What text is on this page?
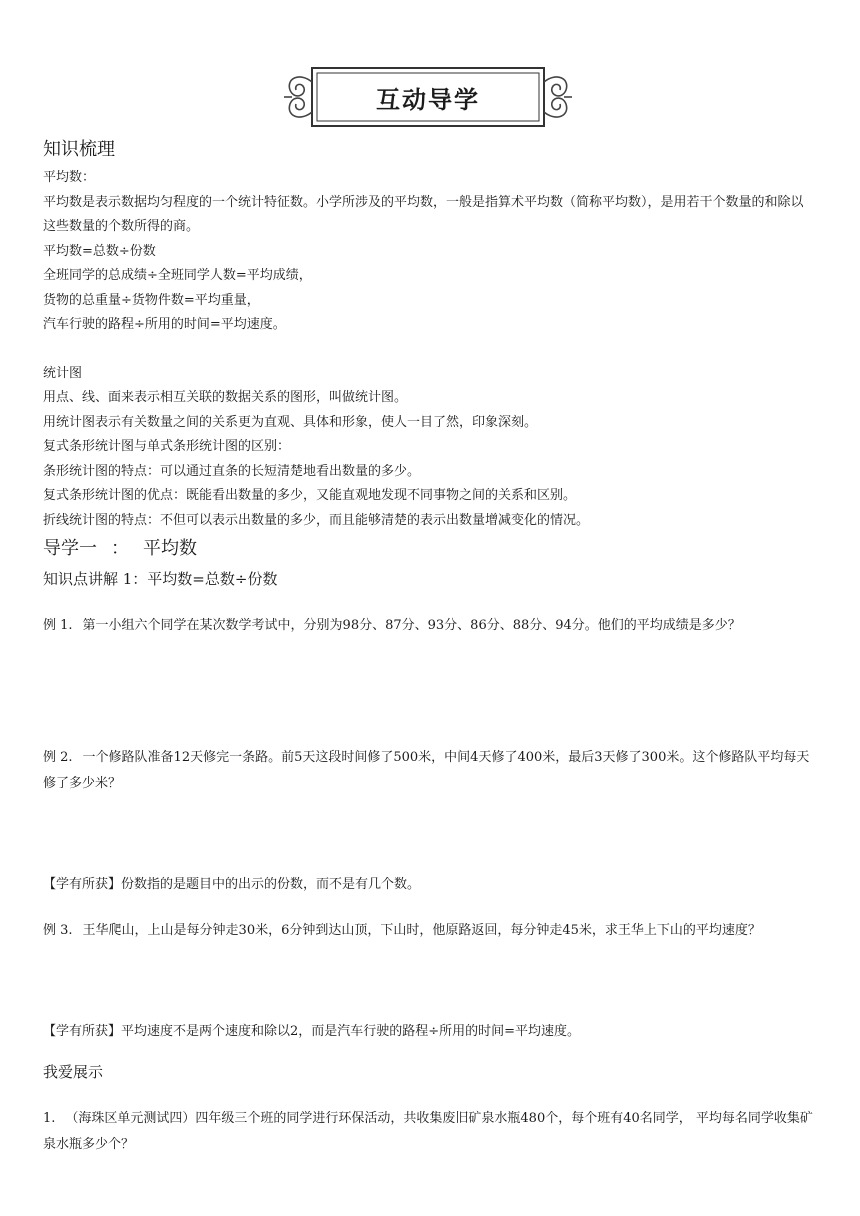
互动导学
知识梳理
平均数：
平均数是表示数据均匀程度的一个统计特征数。小学所涉及的平均数，一般是指算术平均数（简称平均数），是用若干个数量的和除以这些数量的个数所得的商。
平均数=总数÷份数
全班同学的总成绩÷全班同学人数=平均成绩，
货物的总重量÷货物件数=平均重量，
汽车行驶的路程÷所用的时间=平均速度。
统计图
用点、线、面来表示相互关联的数据关系的图形，叫做统计图。
用统计图表示有关数量之间的关系更为直观、具体和形象，使人一目了然，印象深刻。
复式条形统计图与单式条形统计图的区别：
条形统计图的特点：可以通过直条的长短清楚地看出数量的多少。
复式条形统计图的优点：既能看出数量的多少，又能直观地发现不同事物之间的关系和区别。
折线统计图的特点：不但可以表示出数量的多少，而且能够清楚的表示出数量增减变化的情况。
导学一 ： 平均数
知识点讲解 1：平均数=总数÷份数
例 1. 第一小组六个同学在某次数学考试中，分别为98分、87分、93分、86分、88分、94分。他们的平均成绩是多少？
例 2. 一个修路队准备12天修完一条路。前5天这段时间修了500米，中间4天修了400米，最后3天修了300米。这个修路队平均每天修了多少米？
【学有所获】份数指的是题目中的出示的份数，而不是有几个数。
例 3. 王华爬山，上山是每分钟走30米，6分钟到达山顶，下山时，他原路返回，每分钟走45米，求王华上下山的平均速度？
【学有所获】平均速度不是两个速度和除以2，而是汽车行驶的路程÷所用的时间=平均速度。
我爱展示
1. （海珠区单元测试四）四年级三个班的同学进行环保活动，共收集废旧矿泉水瓶480个，每个班有40名同学， 平均每名同学收集矿泉水瓶多少个？
